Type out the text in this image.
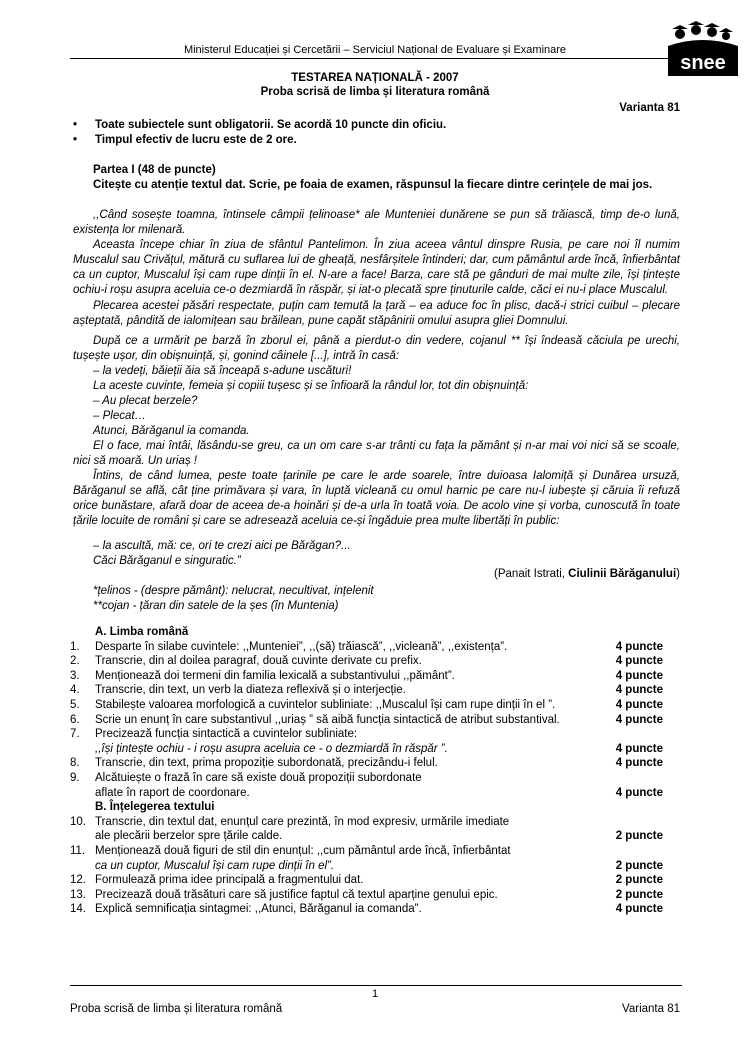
Ministerul Educației și Cercetării – Serviciul Național de Evaluare și Examinare
snee
TESTAREA NAȚIONALĂ - 2007
Proba scrisă de limba și literatura română
Varianta 81
• Toate subiectele sunt obligatorii. Se acordă 10 puncte din oficiu.
• Timpul efectiv de lucru este de 2 ore.
Partea I (48 de puncte)
Citește cu atenție textul dat. Scrie, pe foaia de examen, răspunsul la fiecare dintre cerințele de mai jos.
,,Când sosește toamna, întinsele câmpii țelinoase* ale Munteniei dunărene se pun să trăiască, timp de-o lună, existența lor milenară.
Aceasta începe chiar în ziua de sfântul Pantelimon. În ziua aceea vântul dinspre Rusia, pe care noi îl numim Muscalul sau Crivățul, mătură cu suflarea lui de gheață, nesfârșitele întinderi; dar, cum pământul arde încă, înfierbântat ca un cuptor, Muscalul își cam rupe dinții în el. N-are a face! Barza, care stă pe gânduri de mai multe zile, își țintește ochiu-i roșu asupra aceluia ce-o dezmiardă în răspăr, și iat-o plecată spre ținuturile calde, căci ei nu-i place Muscalul.
Plecarea acestei păsări respectate, puțin cam temută la țară – ea aduce foc în plisc, dacă-i strici cuibul – plecare așteptată, pândită de ialomițean sau brăilean, pune capăt stăpânirii omului asupra gliei Domnului.
După ce a urmărit pe barză în zborul ei, până a pierdut-o din vedere, cojanul ** își îndeasă căciula pe urechi, tușește ușor, din obișnuință, și, gonind câinele [...], intră în casă:
– la vedeți, băieții ăia să înceapă s-adune uscături!
La aceste cuvinte, femeia și copiii tușesc și se înfioară la rândul lor, tot din obișnuință:
– Au plecat berzele?
– Plecat…
Atunci, Bărăganul ia comanda.
El o face, mai întâi, lăsându-se greu, ca un om care s-ar trânti cu fața la pământ și n-ar mai voi nici să se scoale, nici să moară. Un uriaș !
Întins, de când lumea, peste toate țarinile pe care le arde soarele, între duioasa Ialomiță și Dunărea ursuză, Bărăganul se află, cât ține primăvara și vara, în luptă vicleană cu omul harnic pe care nu-l iubește și căruia îi refuză orice bunăstare, afară doar de aceea de-a hoinări și de-a urla în toată voia. De acolo vine și vorba, cunoscută în toate țările locuite de români și care se adresează aceluia ce-și îngăduie prea multe libertăți în public:
– la ascultă, mă: ce, ori te crezi aici pe Bărăgan?...
Căci Bărăganul e singuratic.”
(Panait Istrati, Ciulinii Bărăganului)
*țelinos - (despre pământ): nelucrat, necultivat, ințelenit
**cojan - țăran din satele de la șes (în Muntenia)
A. Limba română
1.	Desparte în silabe cuvintele: ,,Munteniei”, ,,(să) trăiască”, ,,vicleană”, ,,existența”.	4 puncte
2.	Transcrie, din al doilea paragraf, două cuvinte derivate cu prefix.	4 puncte
3.	Menționează doi termeni din familia lexicală a substantivului ,,pământ”.	4 puncte
4.	Transcrie, din text, un verb la diateza reflexivă și o interjecție.	4 puncte
5.	Stabilește valoarea morfologică a cuvintelor subliniate: ,,Muscalul își cam rupe dinții în el ”.	4 puncte
6.	Scrie un enunț în care substantivul ,,uriaș ” să aibă funcția sintactică de atribut substantival.	4 puncte
7.	Precizează funcția sintactică a cuvintelor subliniate:
,,își țintește ochiu - i roșu asupra aceluia ce - o dezmiardă în răspăr ”.	4 puncte
8.	Transcrie, din text, prima propoziție subordonată, precizându-i felul.	4 puncte
9.	Alcătuiește o frază în care să existe două propoziții subordonate
aflate în raport de coordonare.	4 puncte
B. Înțelegerea textului
10. Transcrie, din textul dat, enunțul care prezintă, în mod expresiv, urmările imediate
ale plecării berzelor spre țările calde.	2 puncte
11. Menționează două figuri de stil din enunțul: ,,cum pământul arde încă, înfierbântat
ca un cuptor, Muscalul își cam rupe dinții în el”.	2 puncte
12. Formulează prima idee principală a fragmentului dat.	2 puncte
13. Precizează două trăsături care să justifice faptul că textul aparține genului epic.	2 puncte
14. Explică semnificația sintagmei: ,,Atunci, Bărăganul ia comanda”.	4 puncte
1
Proba scrisă de limba și literatura română	Varianta 81
